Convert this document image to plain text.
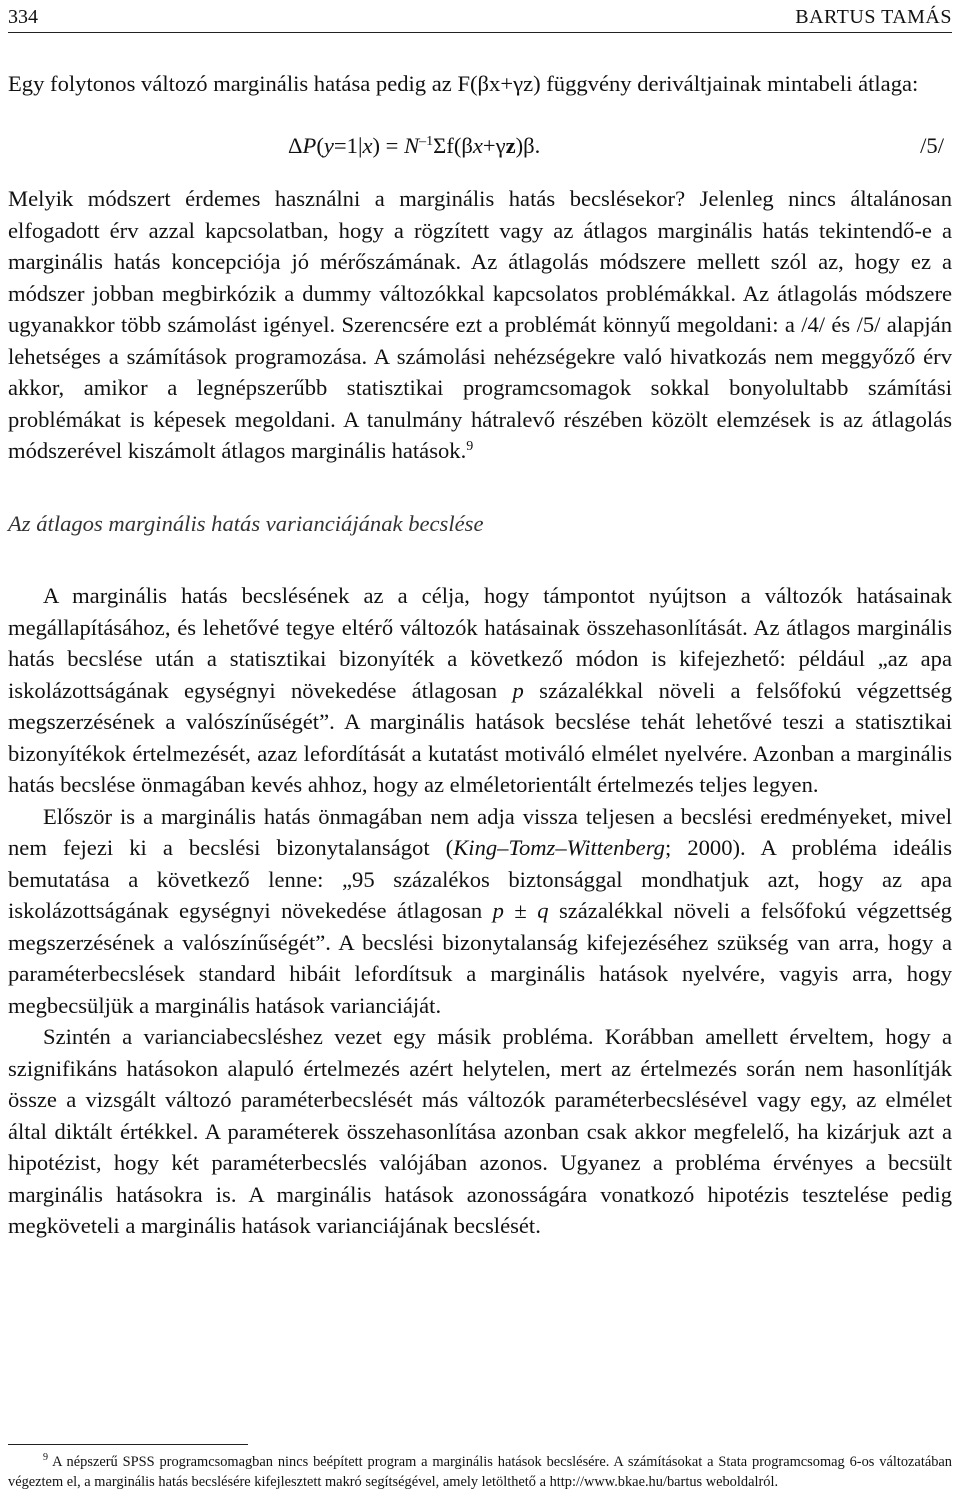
334	BARTUS TAMÁS

Egy folytonos változó marginális hatása pedig az F(βx+γz) függvény deriváltjainak mintabeli átlaga:

$\Delta P(y=1|x) = N^{-1}\Sigma f(\beta x+\gamma z)\beta$.	/5/

Melyik módszert érdemes használni a marginális hatás becslésekor? Jelenleg nincs általánosan elfogadott érv azzal kapcsolatban, hogy a rögzített vagy az átlagos marginális hatás tekintendő-e a marginális hatás koncepciója jó mérőszámának. Az átlagolás módszere mellett szól az, hogy ez a módszer jobban megbirkózik a dummy változókkal kapcsolatos problémákkal. Az átlagolás módszere ugyanakkor több számolást igényel. Szerencsére ezt a problémát könnyű megoldani: a /4/ és /5/ alapján lehetséges a számítások programozása. A számolási nehézségekre való hivatkozás nem meggyőző érv akkor, amikor a legnépszerűbb statisztikai programcsomagok sokkal bonyolultabb számítási problémákat is képesek megoldani. A tanulmány hátralevő részében közölt elemzések is az átlagolás módszerével kiszámolt átlagos marginális hatások.$^9$

Az átlagos marginális hatás varianciájának becslése

A marginális hatás becslésének az a célja, hogy támpontot nyújtson a változók hatásainak megállapításához, és lehetővé tegye eltérő változók hatásainak összehasonlítását. Az átlagos marginális hatás becslése után a statisztikai bizonyíték a következő módon is kifejezhető: például „az apa iskolázottságának egységnyi növekedése átlagosan p százalékkal növeli a felsőfokú végzettség megszerzésének a valószínűségét”. A marginális hatások becslése tehát lehetővé teszi a statisztikai bizonyítékok értelmezését, azaz lefordítását a kutatást motiváló elmélet nyelvére. Azonban a marginális hatás becslése önmagában kevés ahhoz, hogy az elméletorientált értelmezés teljes legyen.

Először is a marginális hatás önmagában nem adja vissza teljesen a becslési eredményeket, mivel nem fejezi ki a becslési bizonytalanságot (King–Tomz–Wittenberg; 2000). A probléma ideális bemutatása a következő lenne: „95 százalékos biztonsággal mondhatjuk azt, hogy az apa iskolázottságának egységnyi növekedése átlagosan p ± q százalékkal növeli a felsőfokú végzettség megszerzésének a valószínűségét”. A becslési bizonytalanság kifejezéséhez szükség van arra, hogy a paraméterbecslések standard hibáit lefordítsuk a marginális hatások nyelvére, vagyis arra, hogy megbecsüljük a marginális hatások varianciáját.

Szintén a varianciabecsléshez vezet egy másik probléma. Korábban amellett érveltem, hogy a szignifikáns hatásokon alapuló értelmezés azért helytelen, mert az értelmezés során nem hasonlítják össze a vizsgált változó paraméterbecslését más változók paraméterbecslésével vagy egy, az elmélet által diktált értékkel. A paraméterek összehasonlítása azonban csak akkor megfelelő, ha kizárjuk azt a hipotézist, hogy két paraméterbecslés valójában azonos. Ugyanez a probléma érvényes a becsült marginális hatásokra is. A marginális hatások azonosságára vonatkozó hipotézis tesztelése pedig megköveteli a marginális hatások varianciájának becslését.

$^9$ A népszerű SPSS programcsomagban nincs beépített program a marginális hatások becslésére. A számításokat a Stata programcsomag 6-os változatában végeztem el, a marginális hatás becslésére kifejlesztett makró segítségével, amely letölthető a http://www.bkae.hu/bartus weboldalról.
